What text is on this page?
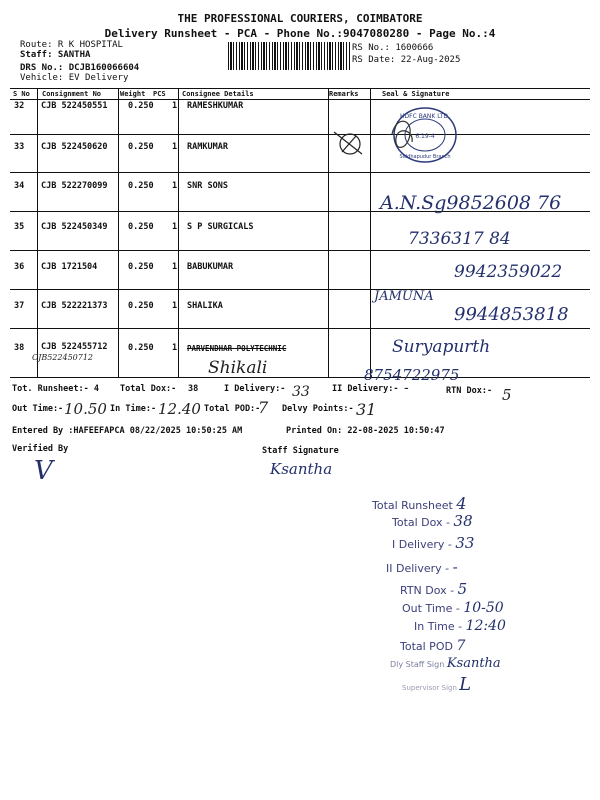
THE PROFESSIONAL COURIERS, COIMBATORE
Delivery Runsheet - PCA - Phone No.:9047080280 - Page No.:4
Route: R K HOSPITAL
Staff: SANTHA
DRS No.: DCJB160066604
Vehicle: EV Delivery
RS No.: 1600666
RS Date: 22-Aug-2025
S No Consignment No	Weight PCS Consignee Details	Remarks	Seal & Signature
32 CJB 522450551 0.250 1 RAMESHKUMAR
33 CJB 522450620 0.250 1 RAMKUMAR
34 CJB 522270099 0.250 1 SNR SONS
35 CJB 522450349 0.250 1 S P SURGICALS
36 CJB 1721504	0.250 1 BABUKUMAR
37 CJB 522221373 0.250 1 SHALIKA
38 CJB 522455712 0.250 1 PARVENDHAR POLYTECHNIC
CJB522450712
HDFC BANK LTD.
6.19-4
Siddhapudur Branch
A.N.Sg9852608 76
7336317 84
9942359022
JAMUNA
9944853818
Suryapurth
8754722975
Shikali
Tot. Runsheet:- 4 Total Dox:- 38	I Delivery:- 33	II Delivery:- -	RTN Dox:- 5
Out Time:- 10.50 In Time:- 12.40 Total POD:-
7 Delvy Points:- 31
Entered By :HAFEEFAPCA 08/22/2025 10:50:25 AM	Printed On: 22-08-2025 10:50:47
Verified By
V
Staff Signature
Ksantha
Total Runsheet 4
Total Dox - 38
I Delivery - 33
II Delivery - -
RTN Dox - 5
Out Time - 10-50
In Time - 12:40
Total POD 7
Dly Staff Sign Ksantha
Supervisor Sign L
